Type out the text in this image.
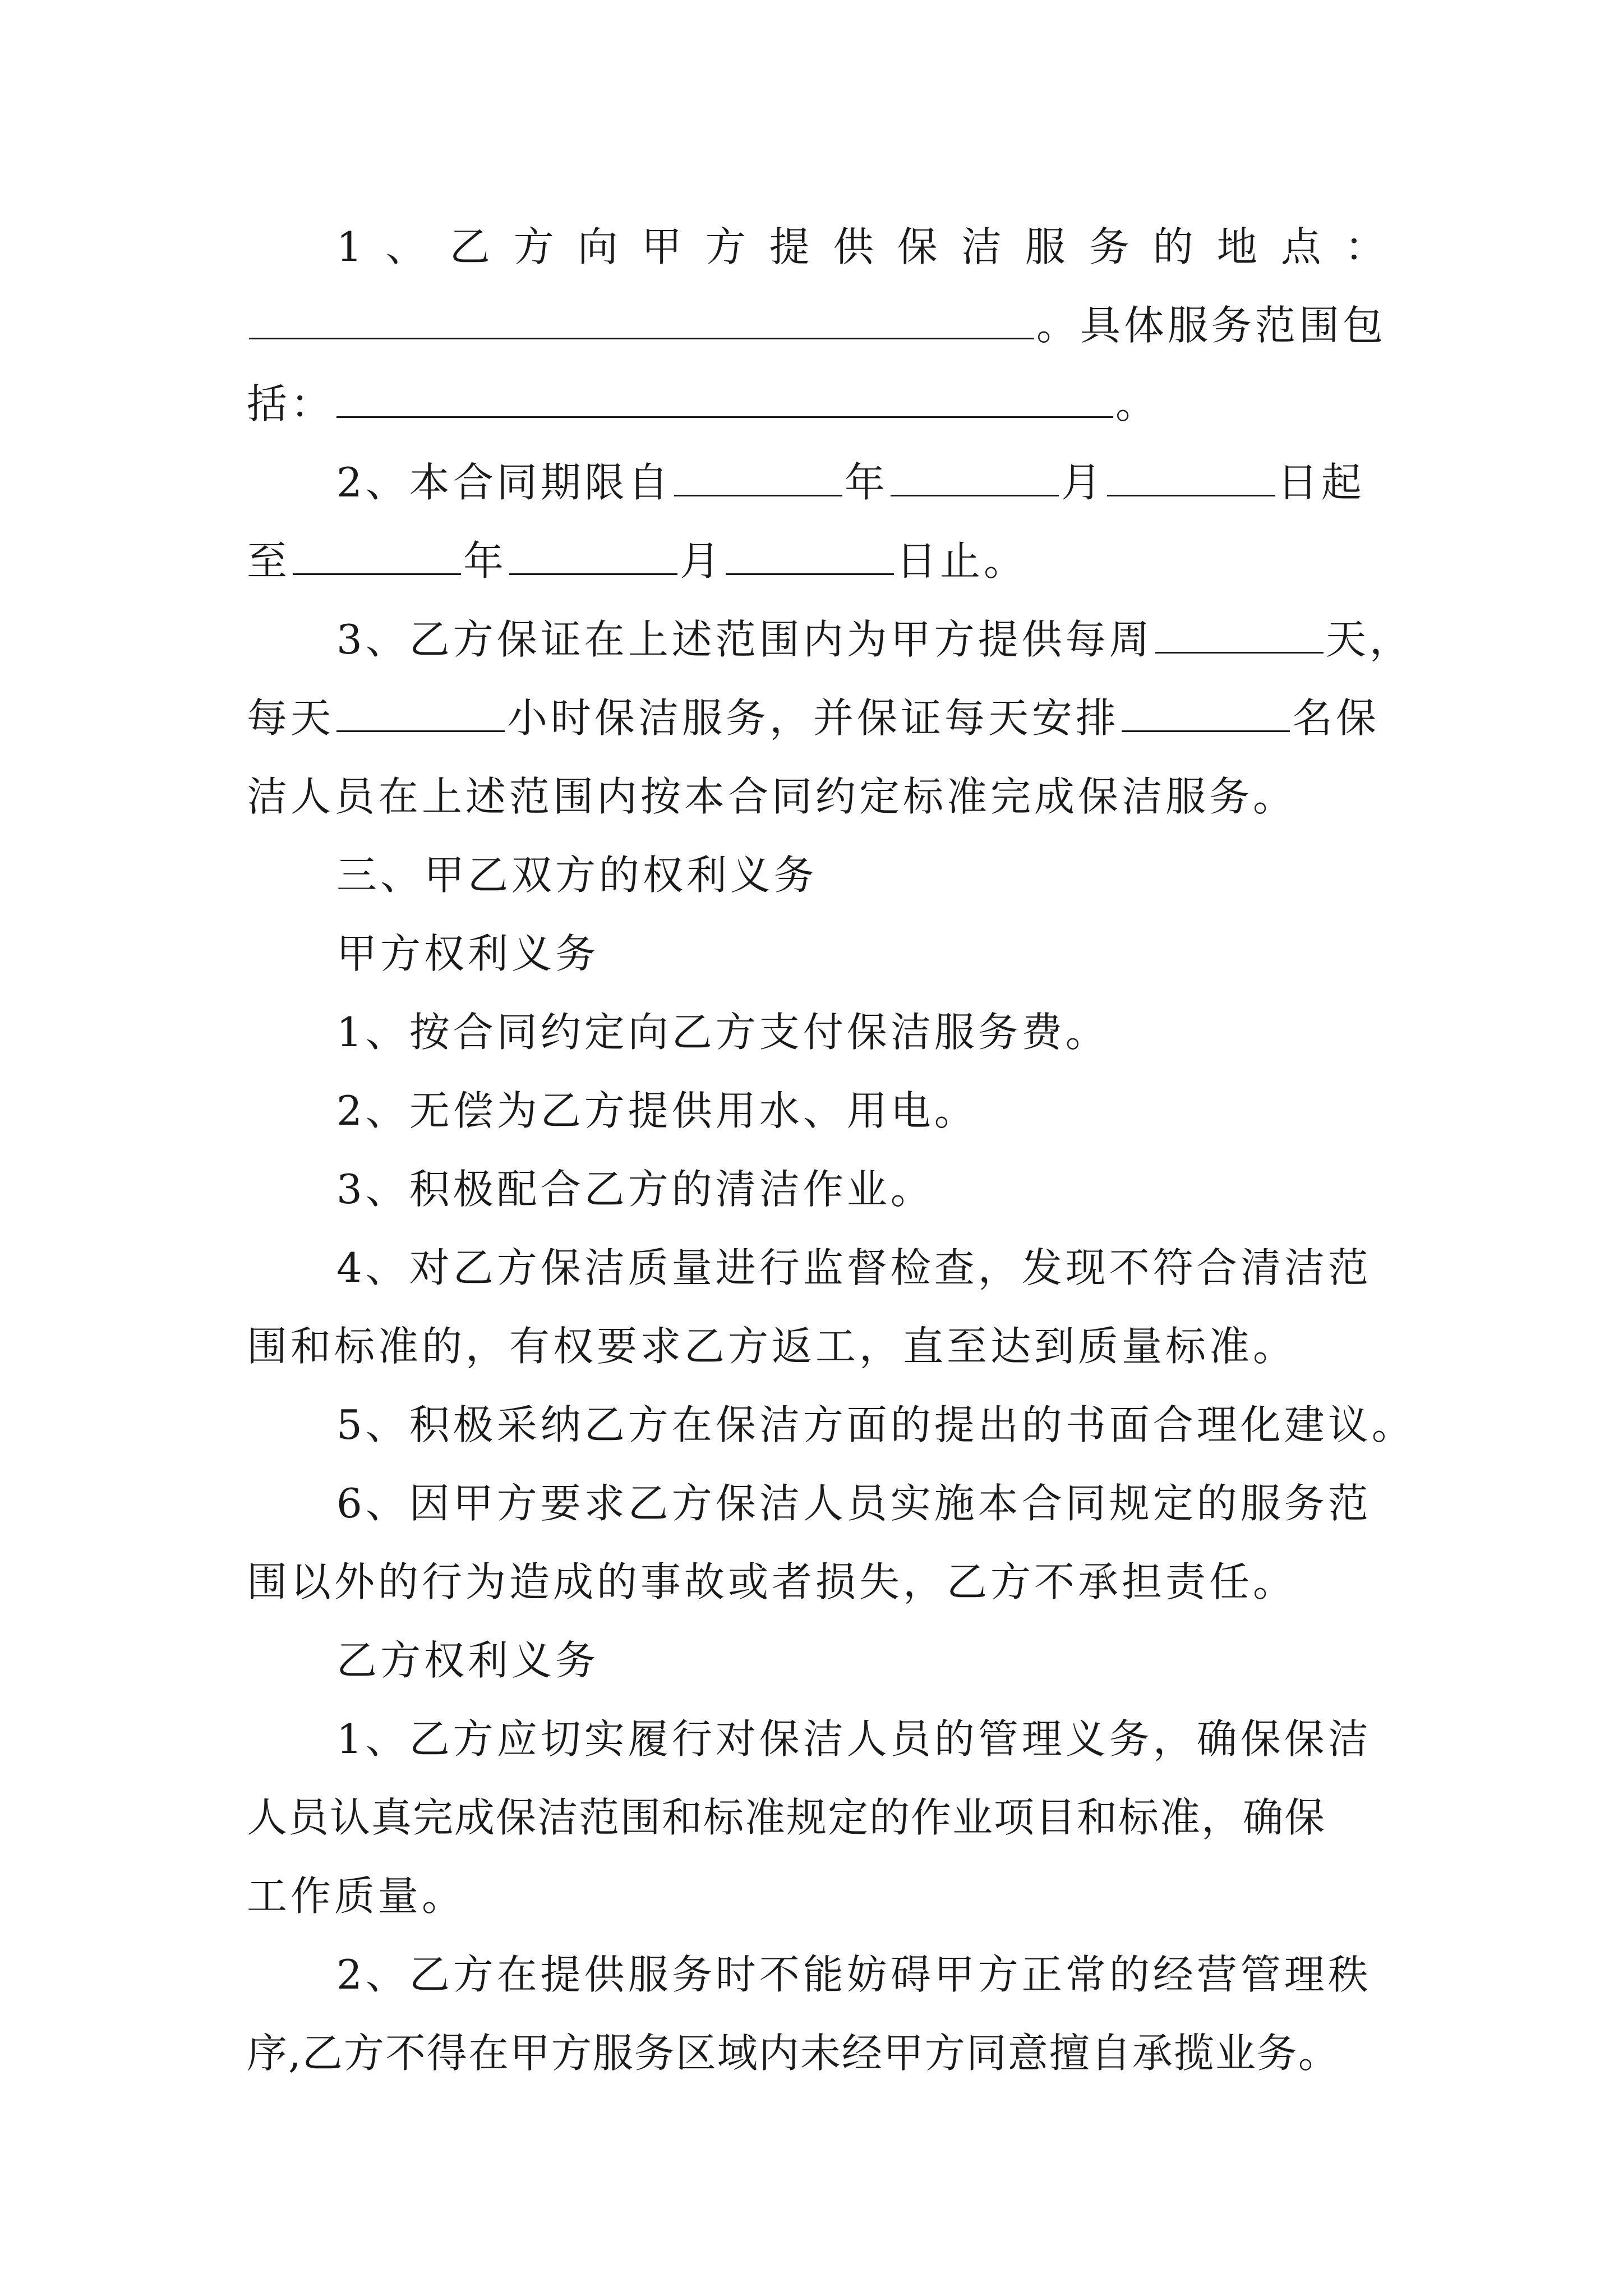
1 、 乙 方 向 甲 方 提 供 保 洁 服 务 的 地 点 ：
。具体服务范围包
括：	。
2、本合同期限自	年	月	日起
至	年	月	日止。
3、乙方保证在上述范围内为甲方提供每周	天，
每天	小时保洁服务，并保证每天安排	名保
洁人员在上述范围内按本合同约定标准完成保洁服务。
三、甲乙双方的权利义务
甲方权利义务
1、按合同约定向乙方支付保洁服务费。
2、无偿为乙方提供用水、用电。
3、积极配合乙方的清洁作业。
4、对乙方保洁质量进行监督检查，发现不符合清洁范
围和标准的，有权要求乙方返工，直至达到质量标准。
5、积极采纳乙方在保洁方面的提出的书面合理化建议。
6、因甲方要求乙方保洁人员实施本合同规定的服务范
围以外的行为造成的事故或者损失，乙方不承担责任。
乙方权利义务
1、乙方应切实履行对保洁人员的管理义务，确保保洁
人员认真完成保洁范围和标准规定的作业项目和标准，确保
工作质量。
2、乙方在提供服务时不能妨碍甲方正常的经营管理秩
序,乙方不得在甲方服务区域内未经甲方同意擅自承揽业务。
